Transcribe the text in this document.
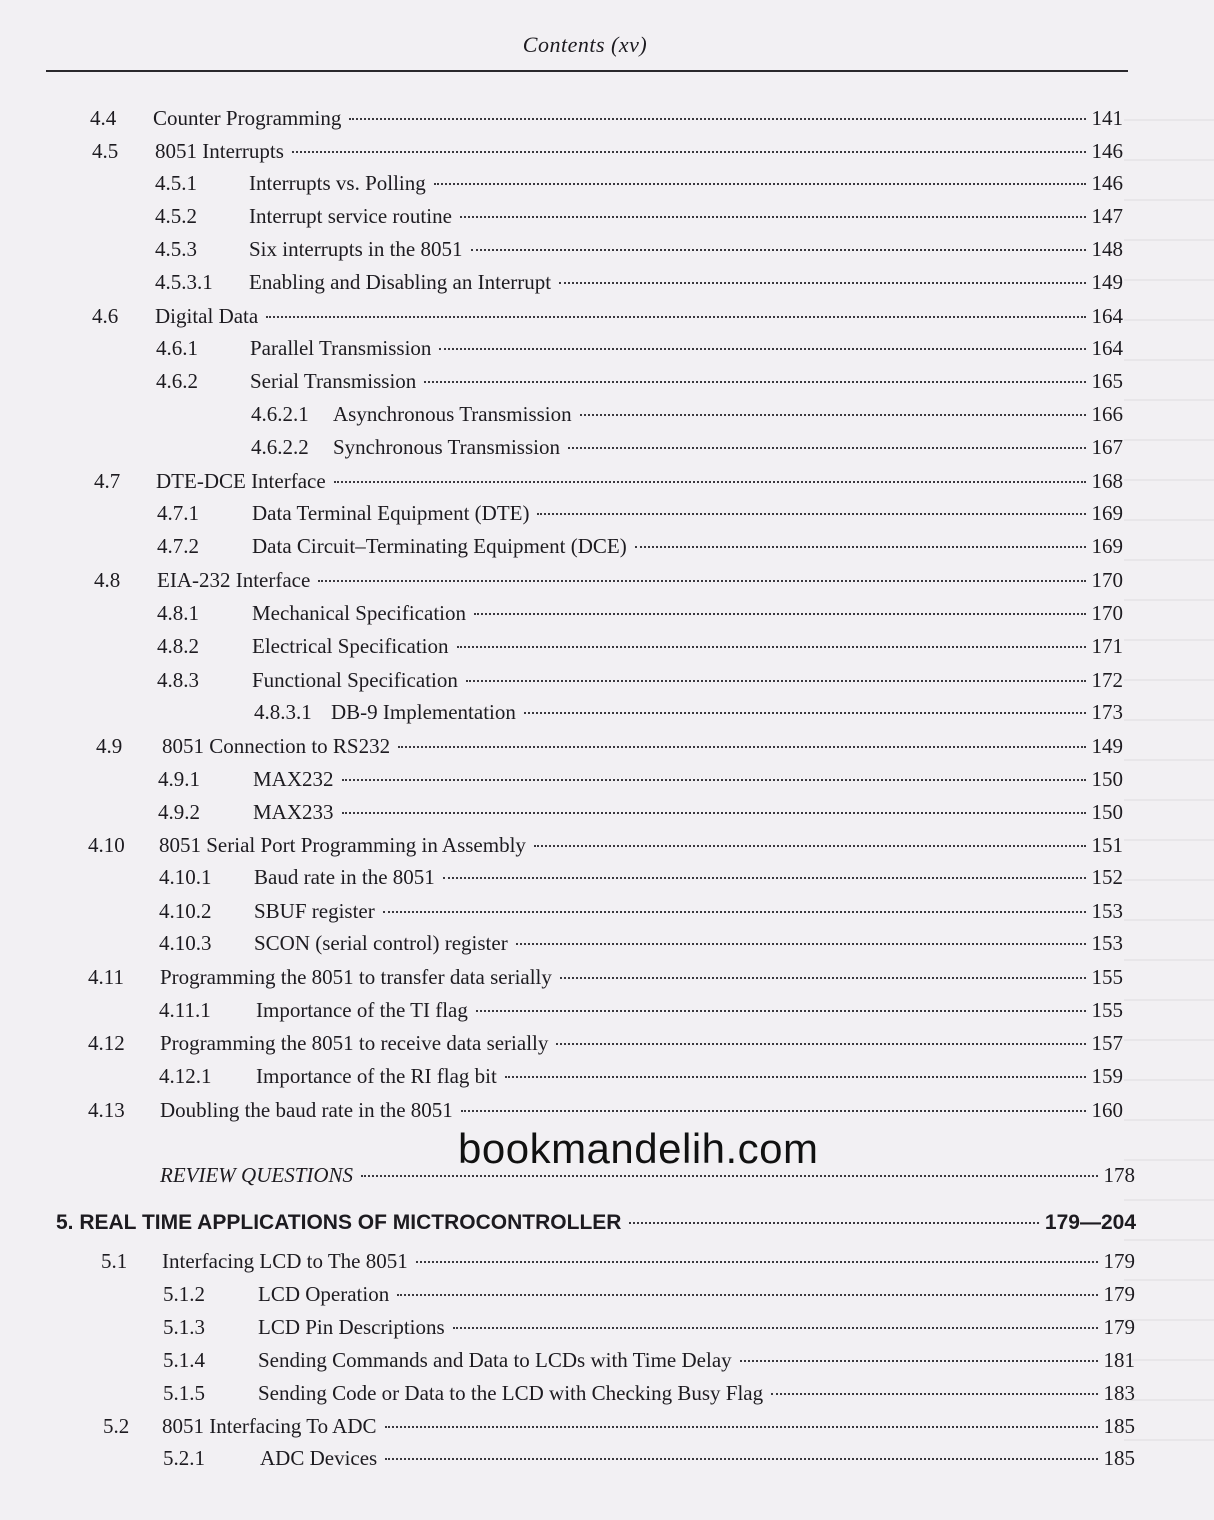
Contents (xv)
4.4 Counter Programming	141
4.5 8051 Interrupts	146
4.5.1 Interrupts vs. Polling	146
4.5.2 Interrupt service routine	147
4.5.3 Six interrupts in the 8051	148
4.5.3.1 Enabling and Disabling an Interrupt	149
4.6 Digital Data	164
4.6.1 Parallel Transmission	164
4.6.2 Serial Transmission	165
4.6.2.1 Asynchronous Transmission	166
4.6.2.2 Synchronous Transmission	167
4.7 DTE-DCE Interface	168
4.7.1	Data Terminal Equipment (DTE)	169
4.7.2	Data Circuit–Terminating Equipment (DCE)	169
4.8 EIA-232 Interface	170
4.8.1	Mechanical Specification	170
4.8.2	Electrical Specification	171
4.8.3	Functional Specification	172
4.8.3.1 DB-9 Implementation	173
4.9 8051 Connection to RS232	149
4.9.1	MAX232	150
4.9.2	MAX233	150
4.10 8051 Serial Port Programming in Assembly	151
4.10.1 Baud rate in the 8051	152
4.10.2 SBUF register	153
4.10.3 SCON (serial control) register	153
4.11 Programming the 8051 to transfer data serially	155
4.11.1 Importance of the TI flag	155
4.12 Programming the 8051 to receive data serially	157
4.12.1 Importance of the RI flag bit	159
4.13 Doubling the baud rate in the 8051	160
REVIEW QUESTIONS	178
5. REAL TIME APPLICATIONS OF MICTROCONTROLLER	179—204
5.1 Interfacing LCD to The 8051	179
5.1.2	LCD Operation	179
5.1.3	LCD Pin Descriptions	179
5.1.4	Sending Commands and Data to LCDs with Time Delay	181
5.1.5	Sending Code or Data to the LCD with Checking Busy Flag	183
5.2 8051 Interfacing To ADC	185
5.2.1	ADC Devices	185
bookmandelih.com
